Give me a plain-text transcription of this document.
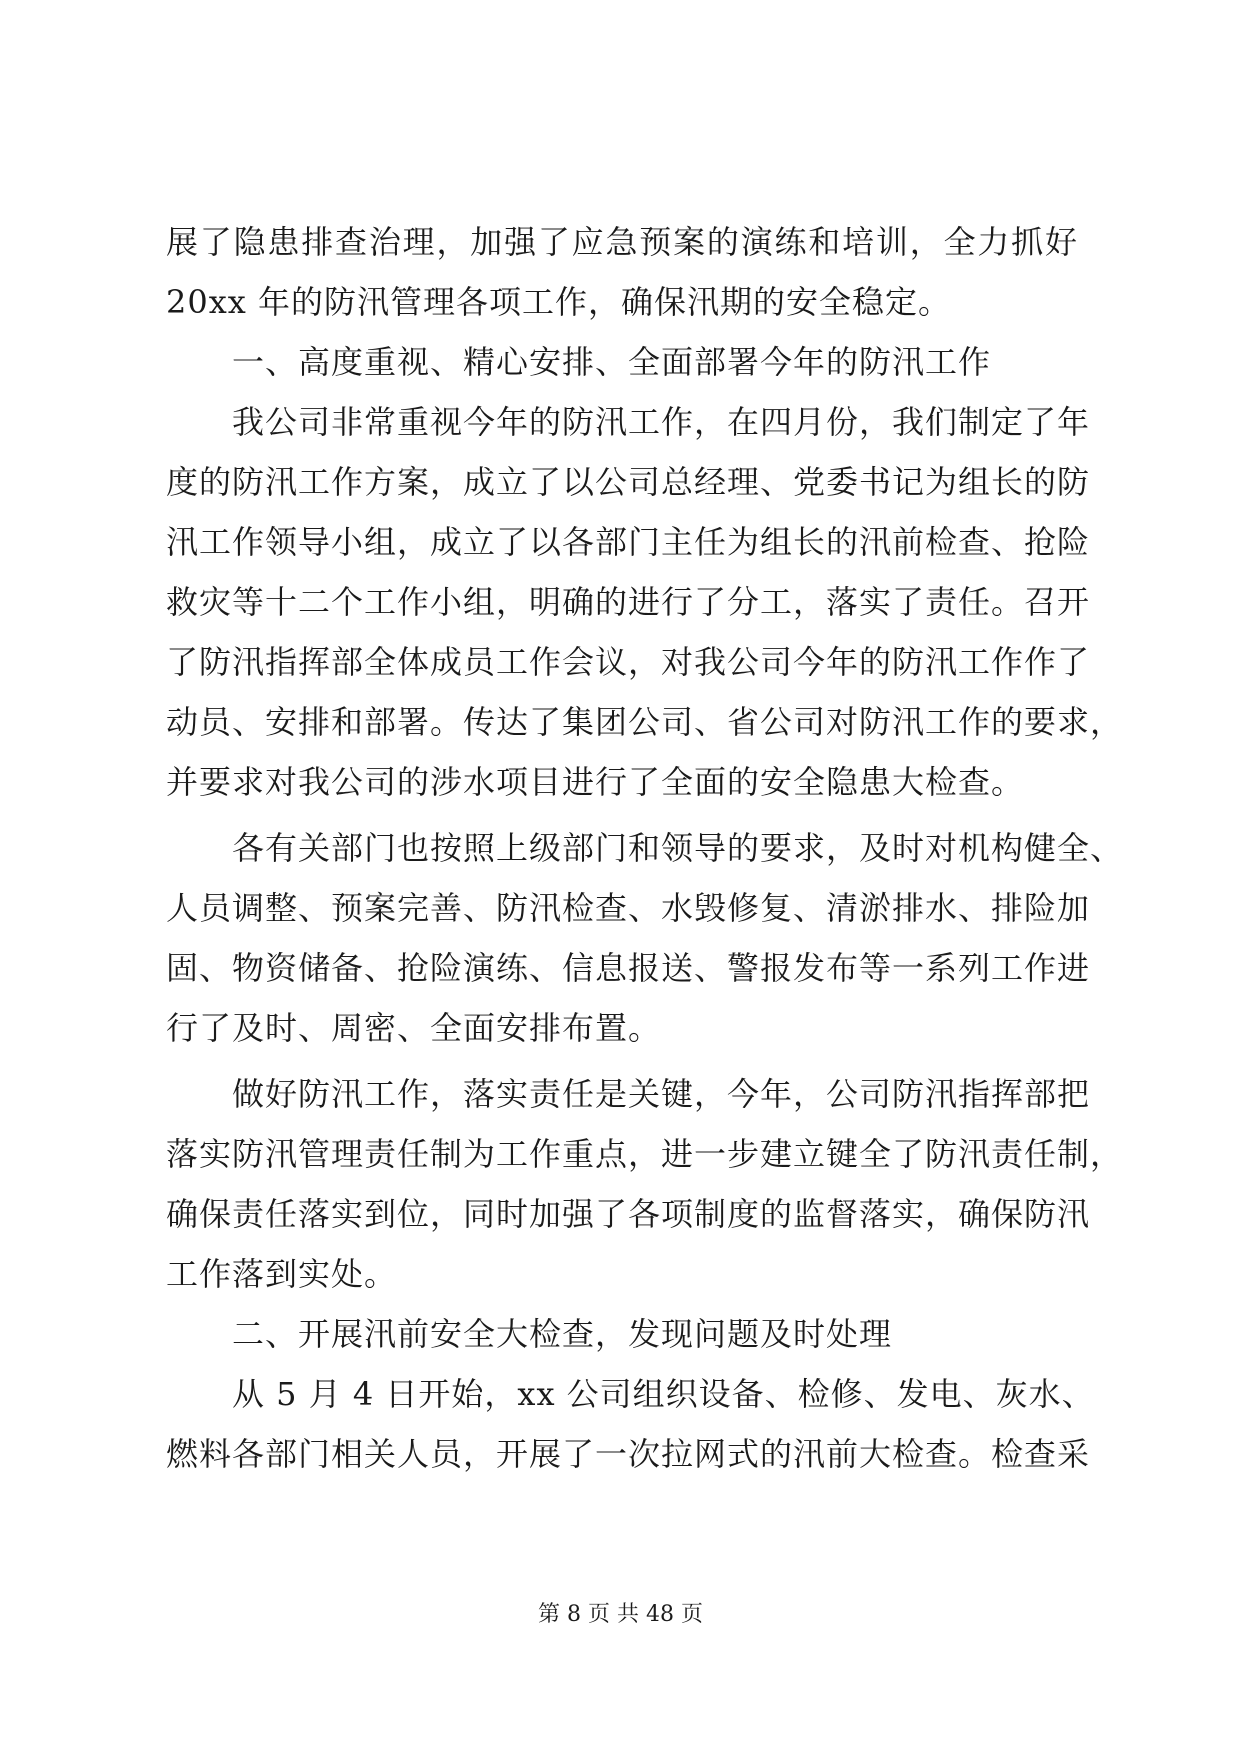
展了隐患排查治理，加强了应急预案的演练和培训，全力抓好
20xx 年的防汛管理各项工作，确保汛期的安全稳定。
一、高度重视、精心安排、全面部署今年的防汛工作
我公司非常重视今年的防汛工作，在四月份，我们制定了年
度的防汛工作方案，成立了以公司总经理、党委书记为组长的防
汛工作领导小组，成立了以各部门主任为组长的汛前检查、抢险
救灾等十二个工作小组，明确的进行了分工，落实了责任。召开
了防汛指挥部全体成员工作会议，对我公司今年的防汛工作作了
动员、安排和部署。传达了集团公司、省公司对防汛工作的要求，
并要求对我公司的涉水项目进行了全面的安全隐患大检查。
各有关部门也按照上级部门和领导的要求，及时对机构健全、
人员调整、预案完善、防汛检查、水毁修复、清淤排水、排险加
固、物资储备、抢险演练、信息报送、警报发布等一系列工作进
行了及时、周密、全面安排布置。
做好防汛工作，落实责任是关键，今年，公司防汛指挥部把
落实防汛管理责任制为工作重点，进一步建立键全了防汛责任制，
确保责任落实到位，同时加强了各项制度的监督落实，确保防汛
工作落到实处。
二、开展汛前安全大检查，发现问题及时处理
从 5 月 4 日开始，xx 公司组织设备、检修、发电、灰水、
燃料各部门相关人员，开展了一次拉网式的汛前大检查。检查采
第 8 页 共 48 页
